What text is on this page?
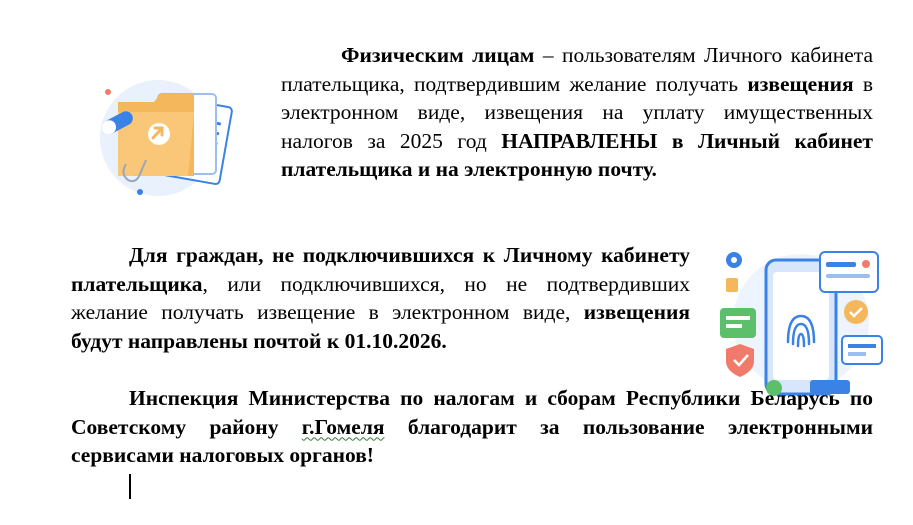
Физическим лицам – пользователям Личного кабинета плательщика, подтвердившим желание получать извещения в электронном виде, извещения на уплату имущественных налогов за 2025 год НАПРАВЛЕНЫ в Личный кабинет плательщика и на электронную почту.

Для граждан, не подключившихся к Личному кабинету плательщика, или подключившихся, но не подтвердивших желание получать извещение в электронном виде, извещения будут направлены почтой к 01.10.2026.

Инспекция Министерства по налогам и сборам Республики Беларусь по Советскому району г.Гомеля благодарит за пользование электронными сервисами налоговых органов!
